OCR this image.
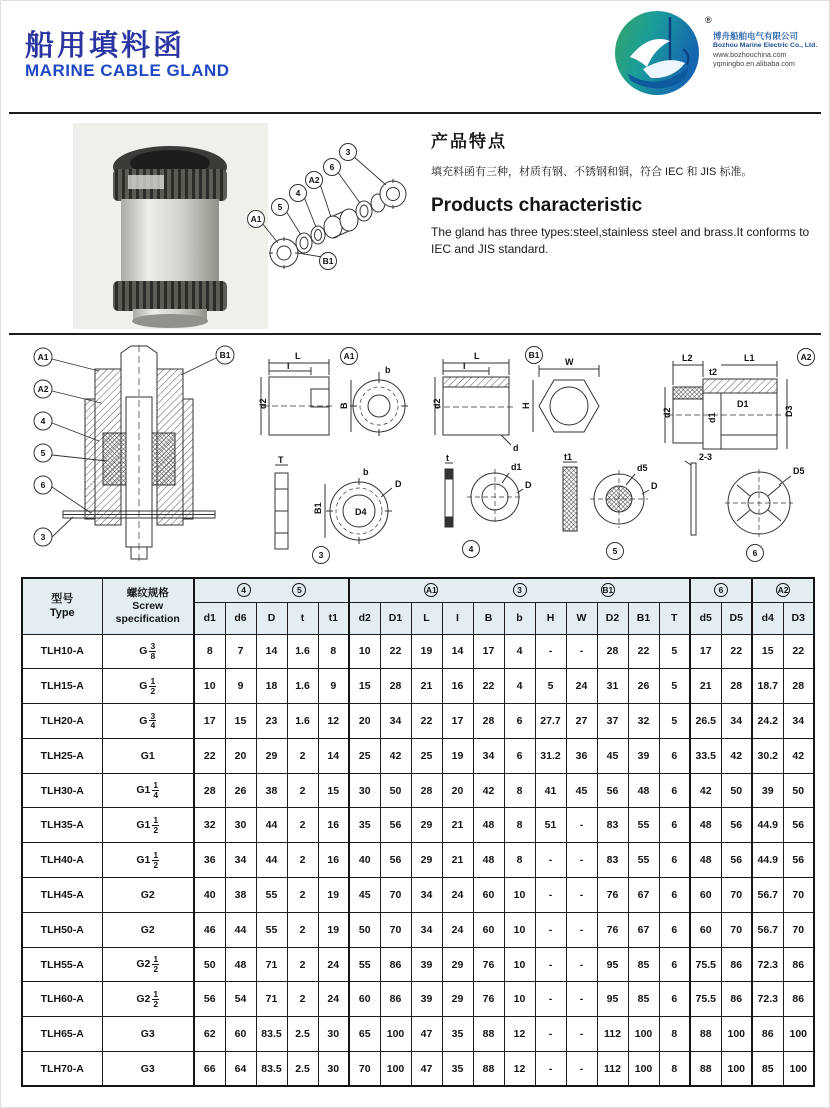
船用填料函
MARINE CABLE GLAND
®
博舟船舶电气有限公司
Bozhou Marine Electric Co., Ltd.
www.bozhouchina.com
yqmingbo.en.alibaba.com
A1
5
4
A2
6
3
B1
产品特点
填充料函有三种，材质有钢、不锈钢和铜，符合 IEC 和 JIS 标准。
Products characteristic
The gland has three types:steel,stainless steel and brass.It conforms to IEC and JIS standard.
A1
A2
4
5
6
3
B1	L
I
d2
b
B
A1
T
b
D
B1	D4
3
L
I
d2
d
W
H
B1
t
d1
D
4
t1
d5
D
5
2-3
D5
6
L2	L1
t2
d2	d1
D1
D3
A2
型号
Type	螺纹规格
Screw specification	4 5					A1 3 B1											6		A2	

		d1	d6	D	t	t1	d2	D1	L	I	B	b	H	W	D2	B1	T	d5	D5	d4	D3
TLH10-A	G $\frac{3}{8}$	8	7	14	1.6	8	10	22	19	14	17	4	-	-	28	22	5	17	22	15	22
TLH15-A	G $\frac{1}{2}$	10	9	18	1.6	9	15	28	21	16	22	4	5	24	31	26	5	21	28	18.7	28
TLH20-A	G $\frac{3}{4}$	17	15	23	1.6	12	20	34	22	17	28	6	27.7	27	37	32	5	26.5	34	24.2	34
TLH25-A	G1	22	20	29	2	14	25	42	25	19	34	6	31.2	36	45	39	6	33.5	42	30.2	42
TLH30-A	$G1 \frac{1}{4}$	28	26	38	2	15	30	50	28	20	42	8	41	45	56	48	6	42	50	39	50
TLH35-A	$G1 \frac{1}{2}$	32	30	44	2	16	35	56	29	21	48	8	51	-	83	55	6	48	56	44.9	56
TLH40-A	$G1 \frac{1}{2}$	36	34	44	2	16	40	56	29	21	48	8	-	-	83	55	6	48	56	44.9	56
TLH45-A	G2	40	38	55	2	19	45	70	34	24	60	10	-	-	76	67	6	60	70	56.7	70
TLH50-A	G2	46	44	55	2	19	50	70	34	24	60	10	-	-	76	67	6	60	70	56.7	70
TLH55-A	$G2 \frac{1}{2}$	50	48	71	2	24	55	86	39	29	76	10	-	-	95	85	6	75.5	86	72.3	86
TLH60-A	$G2 \frac{1}{2}$	56	54	71	2	24	60	86	39	29	76	10	-	-	95	85	6	75.5	86	72.3	86
TLH65-A	G3	62	60	83.5	2.5	30	65	100	47	35	88	12	-	-	112	100	8	88	100	86	100
TLH70-A	G3	66	64	83.5	2.5	30	70	100	47	35	88	12	-	-	112	100	8	88	100	85	100
